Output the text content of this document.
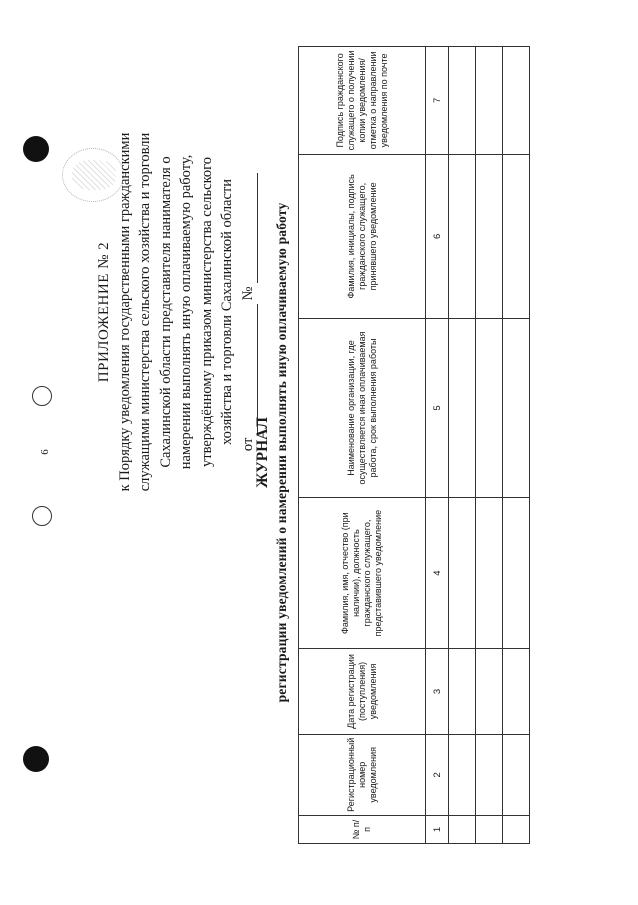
6
ПРИЛОЖЕНИЕ № 2 к Порядку уведомления государственными гражданскими служащими министерства сельского хозяйства и торговли Сахалинской области представителя нанимателя о намерении выполнять иную оплачиваемую работу, утверждённому приказом министерства сельского хозяйства и торговли Сахалинской области от  №
ЖУРНАЛ регистрации уведомлений о намерении выполнять иную оплачиваемую работу
№ п/п	Регистрационный номер уведомления	Дата регистрации (поступления) уведомления	Фамилия, имя, отчество (при наличии), должность гражданского служащего, представившего уведомление	Наименование организации, где осуществляется иная оплачиваемая работа, срок выполнения работы	Фамилия, инициалы, подпись гражданского служащего, принявшего уведомление	Подпись гражданского служащего о получении копии уведомления/отметка о направлении уведомления по почте
1	2	3	4	5	6	7
